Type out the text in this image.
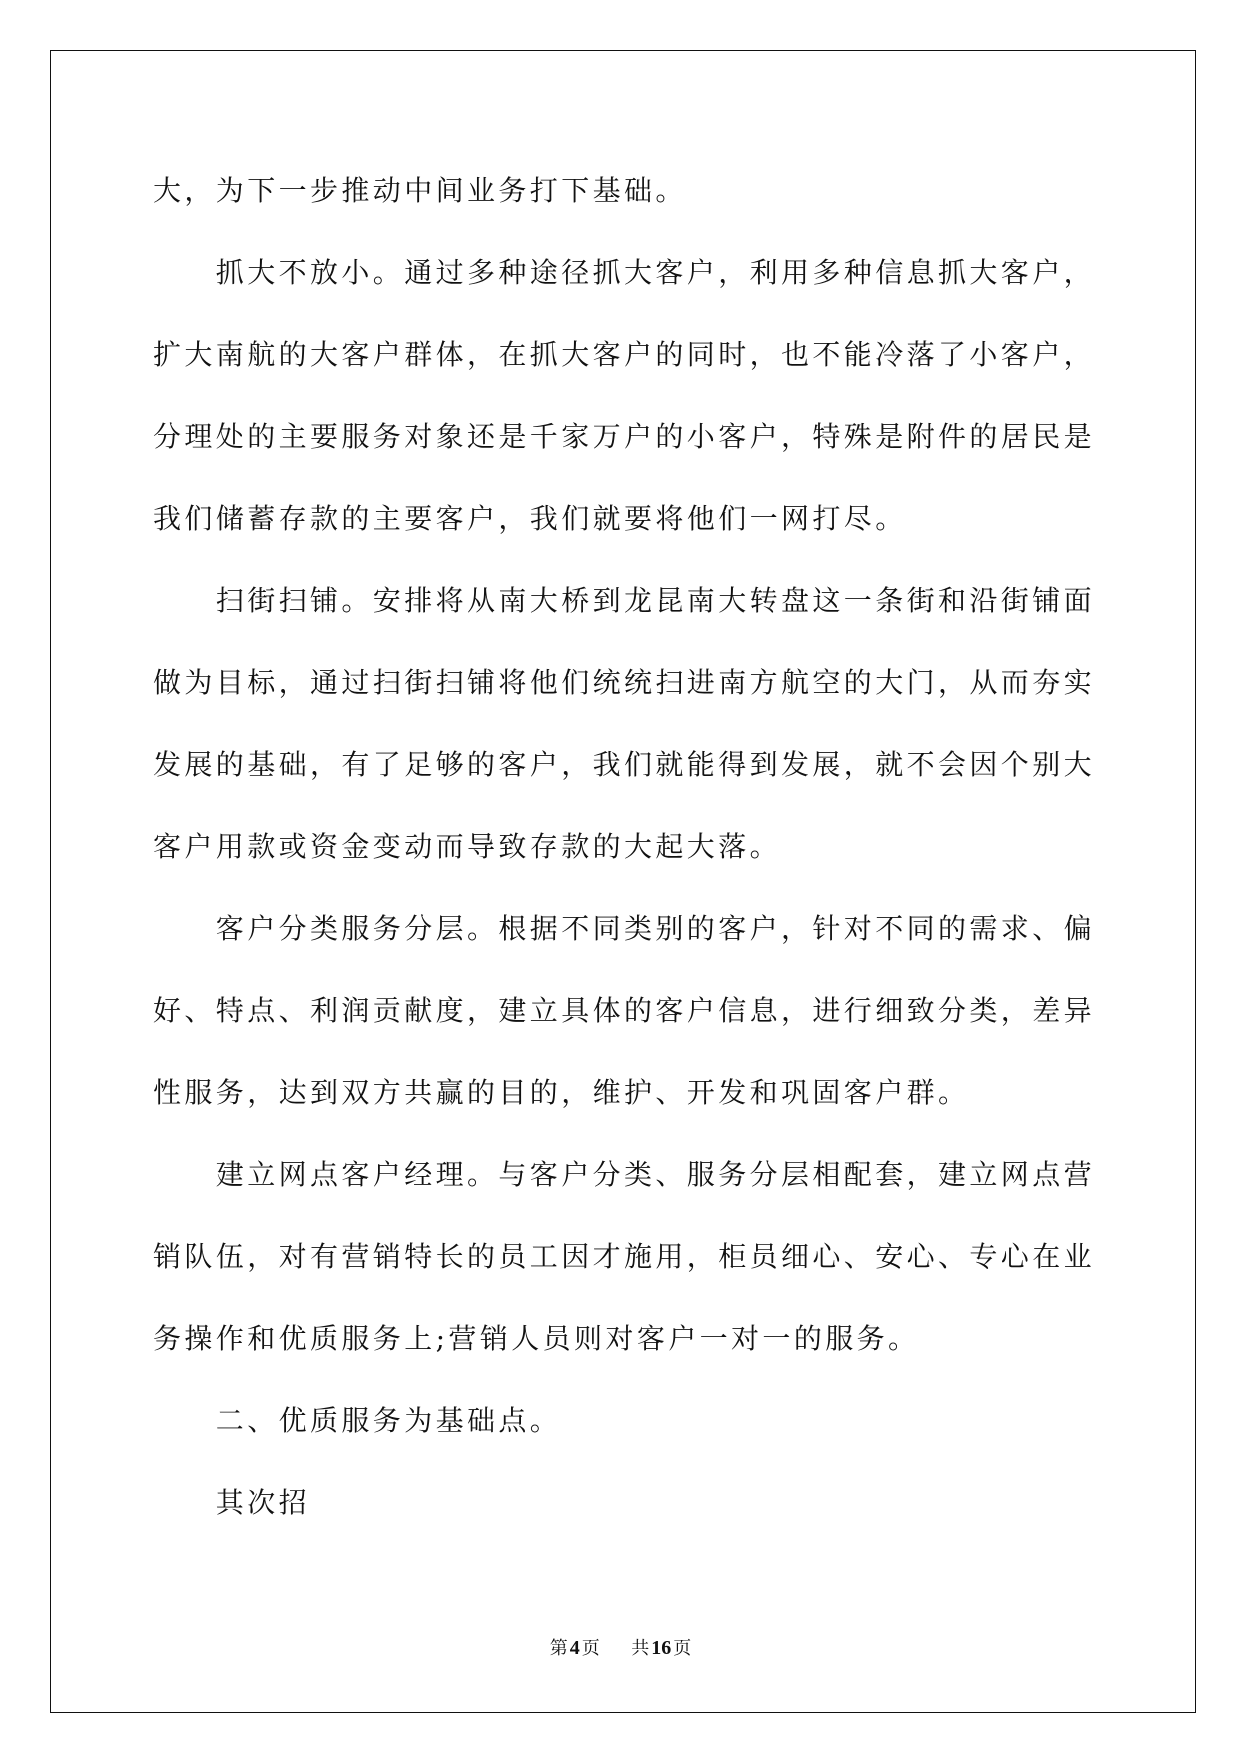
大，为下一步推动中间业务打下基础。
抓大不放小。通过多种途径抓大客户，利用多种信息抓大客户，
扩大南航的大客户群体，在抓大客户的同时，也不能冷落了小客户，
分理处的主要服务对象还是千家万户的小客户，特殊是附件的居民是
我们储蓄存款的主要客户，我们就要将他们一网打尽。
扫街扫铺。安排将从南大桥到龙昆南大转盘这一条街和沿街铺面
做为目标，通过扫街扫铺将他们统统扫进南方航空的大门，从而夯实
发展的基础，有了足够的客户，我们就能得到发展，就不会因个别大
客户用款或资金变动而导致存款的大起大落。
客户分类服务分层。根据不同类别的客户，针对不同的需求、偏
好、特点、利润贡献度，建立具体的客户信息，进行细致分类，差异
性服务，达到双方共赢的目的，维护、开发和巩固客户群。
建立网点客户经理。与客户分类、服务分层相配套，建立网点营
销队伍，对有营销特长的员工因才施用，柜员细心、安心、专心在业
务操作和优质服务上;营销人员则对客户一对一的服务。
二、优质服务为基础点。
其次招
第 4 页 共 16 页
